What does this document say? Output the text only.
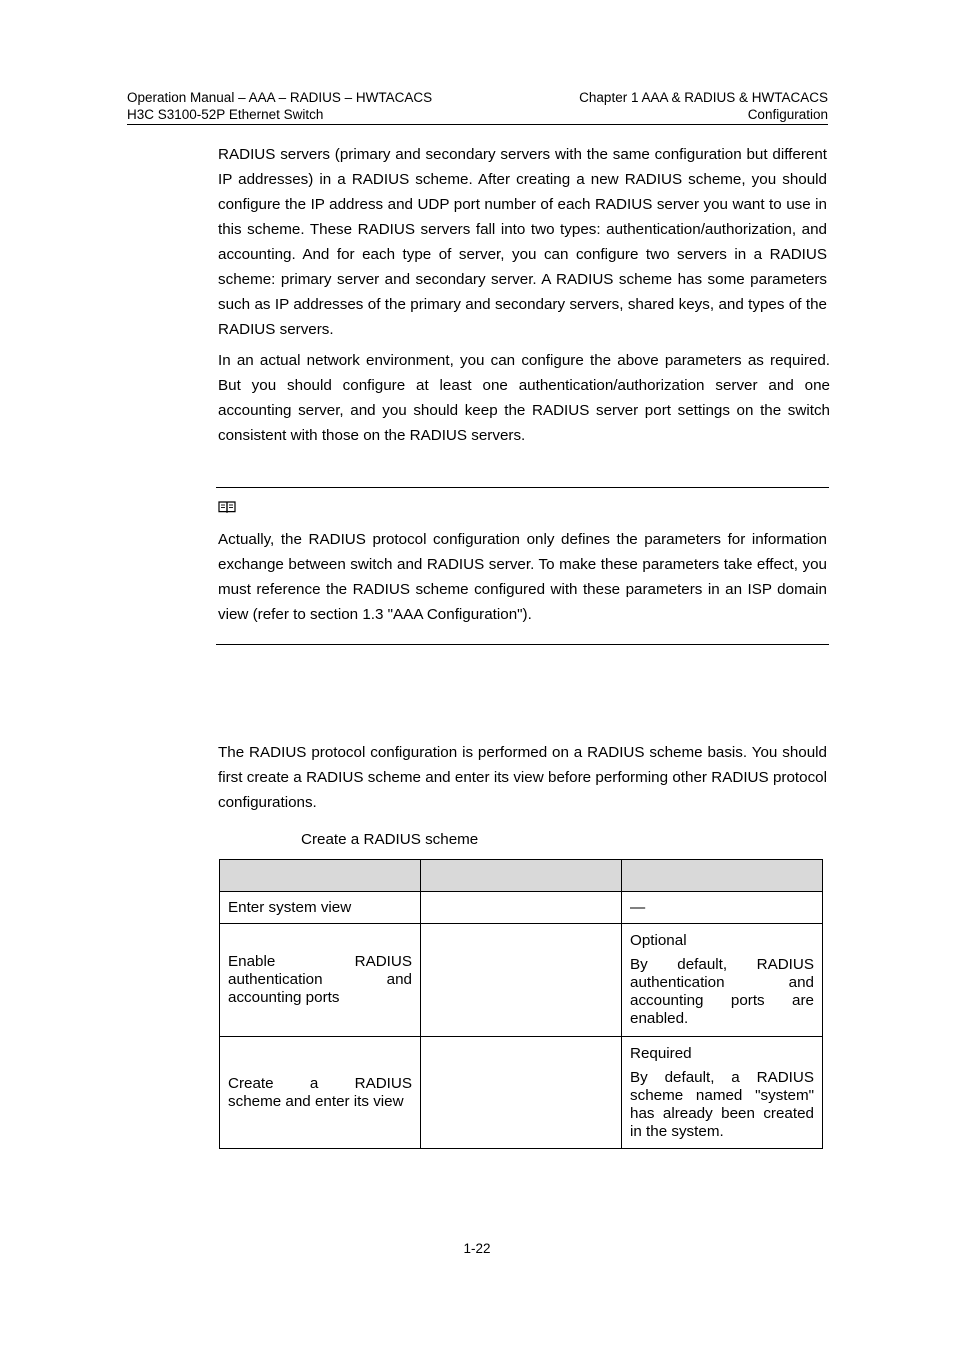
Operation Manual – AAA – RADIUS – HWTACACS
H3C S3100-52P Ethernet Switch
Chapter 1 AAA & RADIUS & HWTACACS
Configuration

RADIUS servers (primary and secondary servers with the same configuration but different IP addresses) in a RADIUS scheme. After creating a new RADIUS scheme, you should configure the IP address and UDP port number of each RADIUS server you want to use in this scheme. These RADIUS servers fall into two types: authentication/authorization, and accounting. And for each type of server, you can configure two servers in a RADIUS scheme: primary server and secondary server. A RADIUS scheme has some parameters such as IP addresses of the primary and secondary servers, shared keys, and types of the RADIUS servers.

In an actual network environment, you can configure the above parameters as required. But you should configure at least one authentication/authorization server and one accounting server, and you should keep the RADIUS server port settings on the switch consistent with those on the RADIUS servers.

Actually, the RADIUS protocol configuration only defines the parameters for information exchange between switch and RADIUS server. To make these parameters take effect, you must reference the RADIUS scheme configured with these parameters in an ISP domain view (refer to section 1.3 "AAA Configuration").

The RADIUS protocol configuration is performed on a RADIUS scheme basis. You should first create a RADIUS scheme and enter its view before performing other RADIUS protocol configurations.

Create a RADIUS scheme

Enter system view		—

Enable RADIUS
authentication and
accounting ports		Optional
By default, RADIUS
authentication and
accounting ports are
enabled.

Create a RADIUS
scheme and enter its view		Required
By default, a RADIUS
scheme named "system"
has already been created
in the system.
1-22
